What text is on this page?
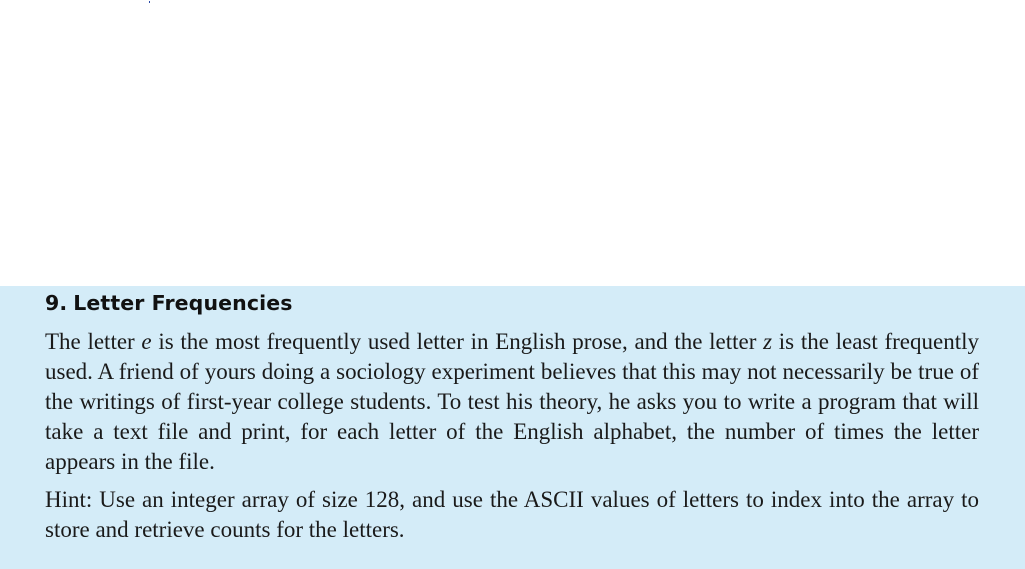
9. Letter Frequencies

The letter e is the most frequently used letter in English prose, and the letter z is the least frequently used. A friend of yours doing a sociology experiment believes that this may not necessarily be true of the writings of first-year college students. To test his theory, he asks you to write a program that will take a text file and print, for each letter of the English alphabet, the number of times the letter appears in the file.

Hint: Use an integer array of size 128, and use the ASCII values of letters to index into the array to store and retrieve counts for the letters.
